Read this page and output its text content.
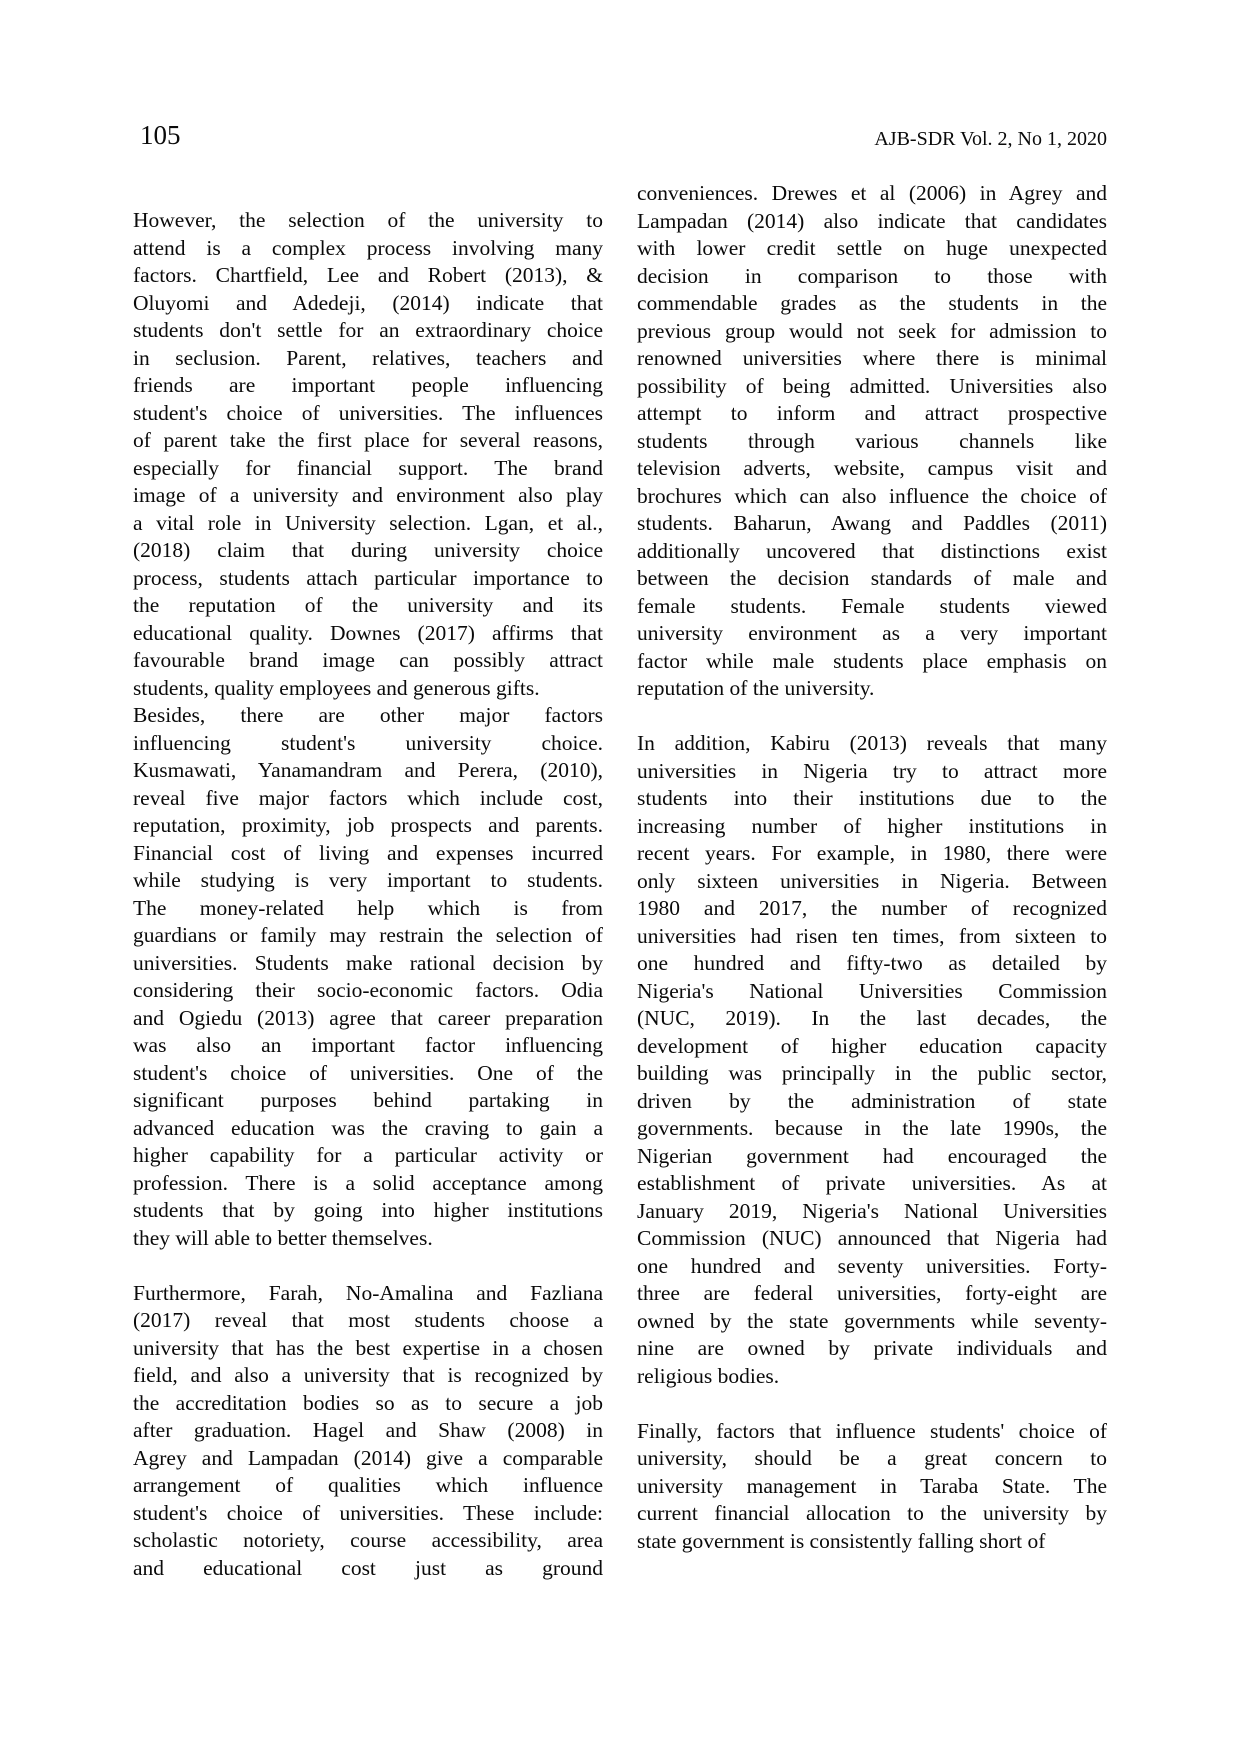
105	AJB-SDR Vol. 2, No 1, 2020
However, the selection of the university to
attend is a complex process involving many
factors. Chartfield, Lee and Robert (2013), &
Oluyomi and Adedeji, (2014) indicate that
students don't settle for an extraordinary choice
in seclusion. Parent, relatives, teachers and
friends are important people influencing
student's choice of universities. The influences
of parent take the first place for several reasons,
especially for financial support. The brand
image of a university and environment also play
a vital role in University selection. Lgan, et al.,
(2018) claim that during university choice
process, students attach particular importance to
the reputation of the university and its
educational quality. Downes (2017) affirms that
favourable brand image can possibly attract
students, quality employees and generous gifts.
Besides, there are other major factors
influencing student's university choice.
Kusmawati, Yanamandram and Perera, (2010),
reveal five major factors which include cost,
reputation, proximity, job prospects and parents.
Financial cost of living and expenses incurred
while studying is very important to students.
The money-related help which is from
guardians or family may restrain the selection of
universities. Students make rational decision by
considering their socio-economic factors. Odia
and Ogiedu (2013) agree that career preparation
was also an important factor influencing
student's choice of universities. One of the
significant purposes behind partaking in
advanced education was the craving to gain a
higher capability for a particular activity or
profession. There is a solid acceptance among
students that by going into higher institutions
they will able to better themselves.
Furthermore, Farah, No-Amalina and Fazliana
(2017) reveal that most students choose a
university that has the best expertise in a chosen
field, and also a university that is recognized by
the accreditation bodies so as to secure a job
after graduation. Hagel and Shaw (2008) in
Agrey and Lampadan (2014) give a comparable
arrangement of qualities which influence
student's choice of universities. These include:
scholastic notoriety, course accessibility, area
and educational cost just as ground
conveniences. Drewes et al (2006) in Agrey and
Lampadan (2014) also indicate that candidates
with lower credit settle on huge unexpected
decision in comparison to those with
commendable grades as the students in the
previous group would not seek for admission to
renowned universities where there is minimal
possibility of being admitted. Universities also
attempt to inform and attract prospective
students through various channels like
television adverts, website, campus visit and
brochures which can also influence the choice of
students. Baharun, Awang and Paddles (2011)
additionally uncovered that distinctions exist
between the decision standards of male and
female students. Female students viewed
university environment as a very important
factor while male students place emphasis on
reputation of the university.
In addition, Kabiru (2013) reveals that many
universities in Nigeria try to attract more
students into their institutions due to the
increasing number of higher institutions in
recent years. For example, in 1980, there were
only sixteen universities in Nigeria. Between
1980 and 2017, the number of recognized
universities had risen ten times, from sixteen to
one hundred and fifty-two as detailed by
Nigeria's National Universities Commission
(NUC, 2019). In the last decades, the
development of higher education capacity
building was principally in the public sector,
driven by the administration of state
governments. because in the late 1990s, the
Nigerian government had encouraged the
establishment of private universities. As at
January 2019, Nigeria's National Universities
Commission (NUC) announced that Nigeria had
one hundred and seventy universities. Forty-
three are federal universities, forty-eight are
owned by the state governments while seventy-
nine are owned by private individuals and
religious bodies.
Finally, factors that influence students' choice of
university, should be a great concern to
university management in Taraba State. The
current financial allocation to the university by
state government is consistently falling short of
